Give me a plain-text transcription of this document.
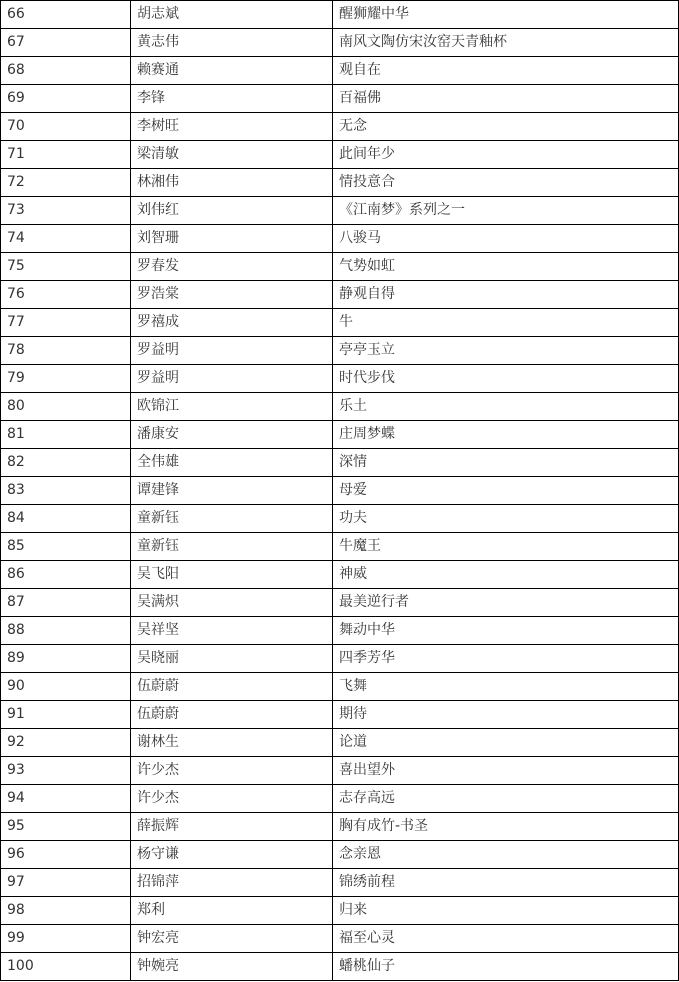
66	胡志斌	醒狮耀中华
67	黄志伟	南风文陶仿宋汝窑天青釉杯
68	赖赛通	观自在
69	李锋	百福佛
70	李树旺	无念
71	梁清敏	此间年少
72	林湘伟	情投意合
73	刘伟红	《江南梦》系列之一
74	刘智珊	八骏马
75	罗春发	气势如虹
76	罗浩棠	静观自得
77	罗禧成	牛
78	罗益明	亭亭玉立
79	罗益明	时代步伐
80	欧锦江	乐土
81	潘康安	庄周梦蝶
82	全伟雄	深情
83	谭建锋	母爱
84	童新钰	功夫
85	童新钰	牛魔王
86	吴飞阳	神威
87	吴满炽	最美逆行者
88	吴祥坚	舞动中华
89	吴晓丽	四季芳华
90	伍蔚蔚	飞舞
91	伍蔚蔚	期待
92	谢林生	论道
93	许少杰	喜出望外
94	许少杰	志存高远
95	薛振辉	胸有成竹-书圣
96	杨守谦	念亲恩
97	招锦萍	锦绣前程
98	郑利	归来
99	钟宏亮	福至心灵
100	钟婉亮	蟠桃仙子
